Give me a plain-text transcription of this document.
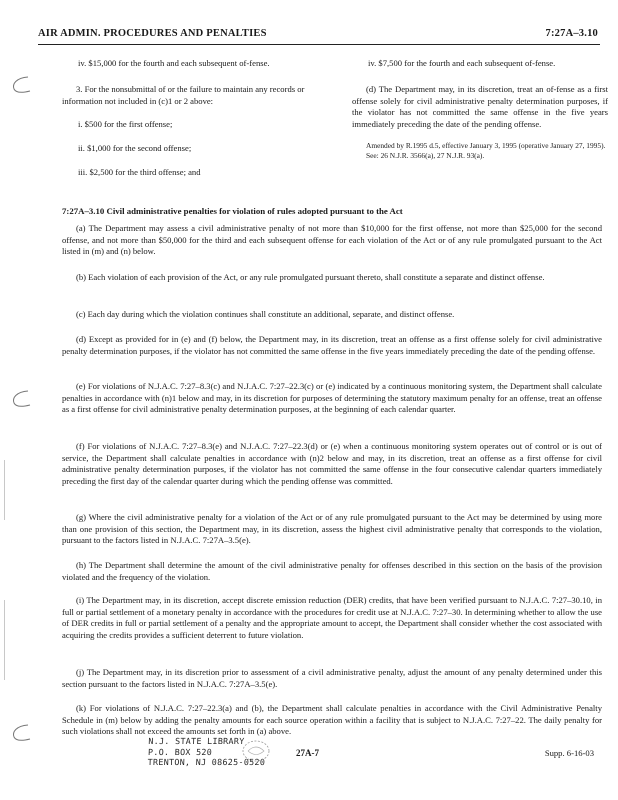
AIR ADMIN. PROCEDURES AND PENALTIES	7:27A–3.10

iv. $15,000 for the fourth and each subsequent of-fense.

3. For the nonsubmittal of or the failure to maintain any records or information not included in (c)1 or 2 above:

i. $500 for the first offense;

ii. $1,000 for the second offense;

iii. $2,500 for the third offense; and

iv. $7,500 for the fourth and each subsequent of-fense.

(d) The Department may, in its discretion, treat an of-fense as a first offense solely for civil administrative penalty determination purposes, if the violator has not committed the same offense in the five years immediately preceding the date of the pending offense.

Amended by R.1995 d.5, effective January 3, 1995 (operative January 27, 1995).

See: 26 N.J.R. 3566(a), 27 N.J.R. 93(a).

7:27A–3.10 Civil administrative penalties for violation of rules adopted pursuant to the Act

(a) The Department may assess a civil administrative penalty of not more than $10,000 for the first offense, not more than $25,000 for the second offense, and not more than $50,000 for the third and each subsequent offense for each violation of the Act or of any rule promulgated pursuant to the Act listed in (m) and (n) below.

(b) Each violation of each provision of the Act, or any rule promulgated pursuant thereto, shall constitute a separate and distinct offense.

(c) Each day during which the violation continues shall constitute an additional, separate, and distinct offense.

(d) Except as provided for in (e) and (f) below, the Department may, in its discretion, treat an offense as a first offense solely for civil administrative penalty determination purposes, if the violator has not committed the same offense in the five years immediately preceding the date of the pending offense.

(e) For violations of N.J.A.C. 7:27–8.3(c) and N.J.A.C. 7:27–22.3(c) or (e) indicated by a continuous monitoring system, the Department shall calculate penalties in accordance with (n)1 below and may, in its discretion for purposes of determining the statutory maximum penalty for an offense, treat an offense as a first offense for civil administrative penalty determination purposes, at the beginning of each calendar quarter.

(f) For violations of N.J.A.C. 7:27–8.3(e) and N.J.A.C. 7:27–22.3(d) or (e) when a continuous monitoring system operates out of control or is out of service, the Department shall calculate penalties in accordance with (n)2 below and may, in its discretion, treat an offense as a first offense for civil administrative penalty determination purposes, if the violator has not committed the same offense in the four consecutive calendar quarters immediately preceding the first day of the calendar quarter during which the pending offense was committed.

(g) Where the civil administrative penalty for a violation of the Act or of any rule promulgated pursuant to the Act may be determined by using more than one provision of this section, the Department may, in its discretion, assess the highest civil administrative penalty that corresponds to the violation, pursuant to the factors listed in N.J.A.C. 7:27A–3.5(e).

(h) The Department shall determine the amount of the civil administrative penalty for offenses described in this section on the basis of the provision violated and the frequency of the violation.

(i) The Department may, in its discretion, accept discrete emission reduction (DER) credits, that have been verified pursuant to N.J.A.C. 7:27–30.10, in full or partial settlement of a monetary penalty in accordance with the procedures for credit use at N.J.A.C. 7:27–30. In determining whether to allow the use of DER credits in full or partial settlement of a penalty and the appropriate amount to accept, the Department shall consider whether the cost associated with acquiring the credits provides a sufficient deterrent to future violation.

(j) The Department may, in its discretion prior to assessment of a civil administrative penalty, adjust the amount of any penalty determined under this section pursuant to the factors listed in N.J.A.C. 7:27A–3.5(e).

(k) For violations of N.J.A.C. 7:27–22.3(a) and (b), the Department shall calculate penalties in accordance with the Civil Administrative Penalty Schedule in (m) below by adding the penalty amounts for each source operation within a facility that is subject to N.J.A.C. 7:27–22. The daily penalty for such violations shall not exceed the amounts set forth in (a) above.

N.J. STATE LIBRARY
P.O. BOX 520
TRENTON, NJ 08625-0520
27A-7	Supp. 6-16-03
